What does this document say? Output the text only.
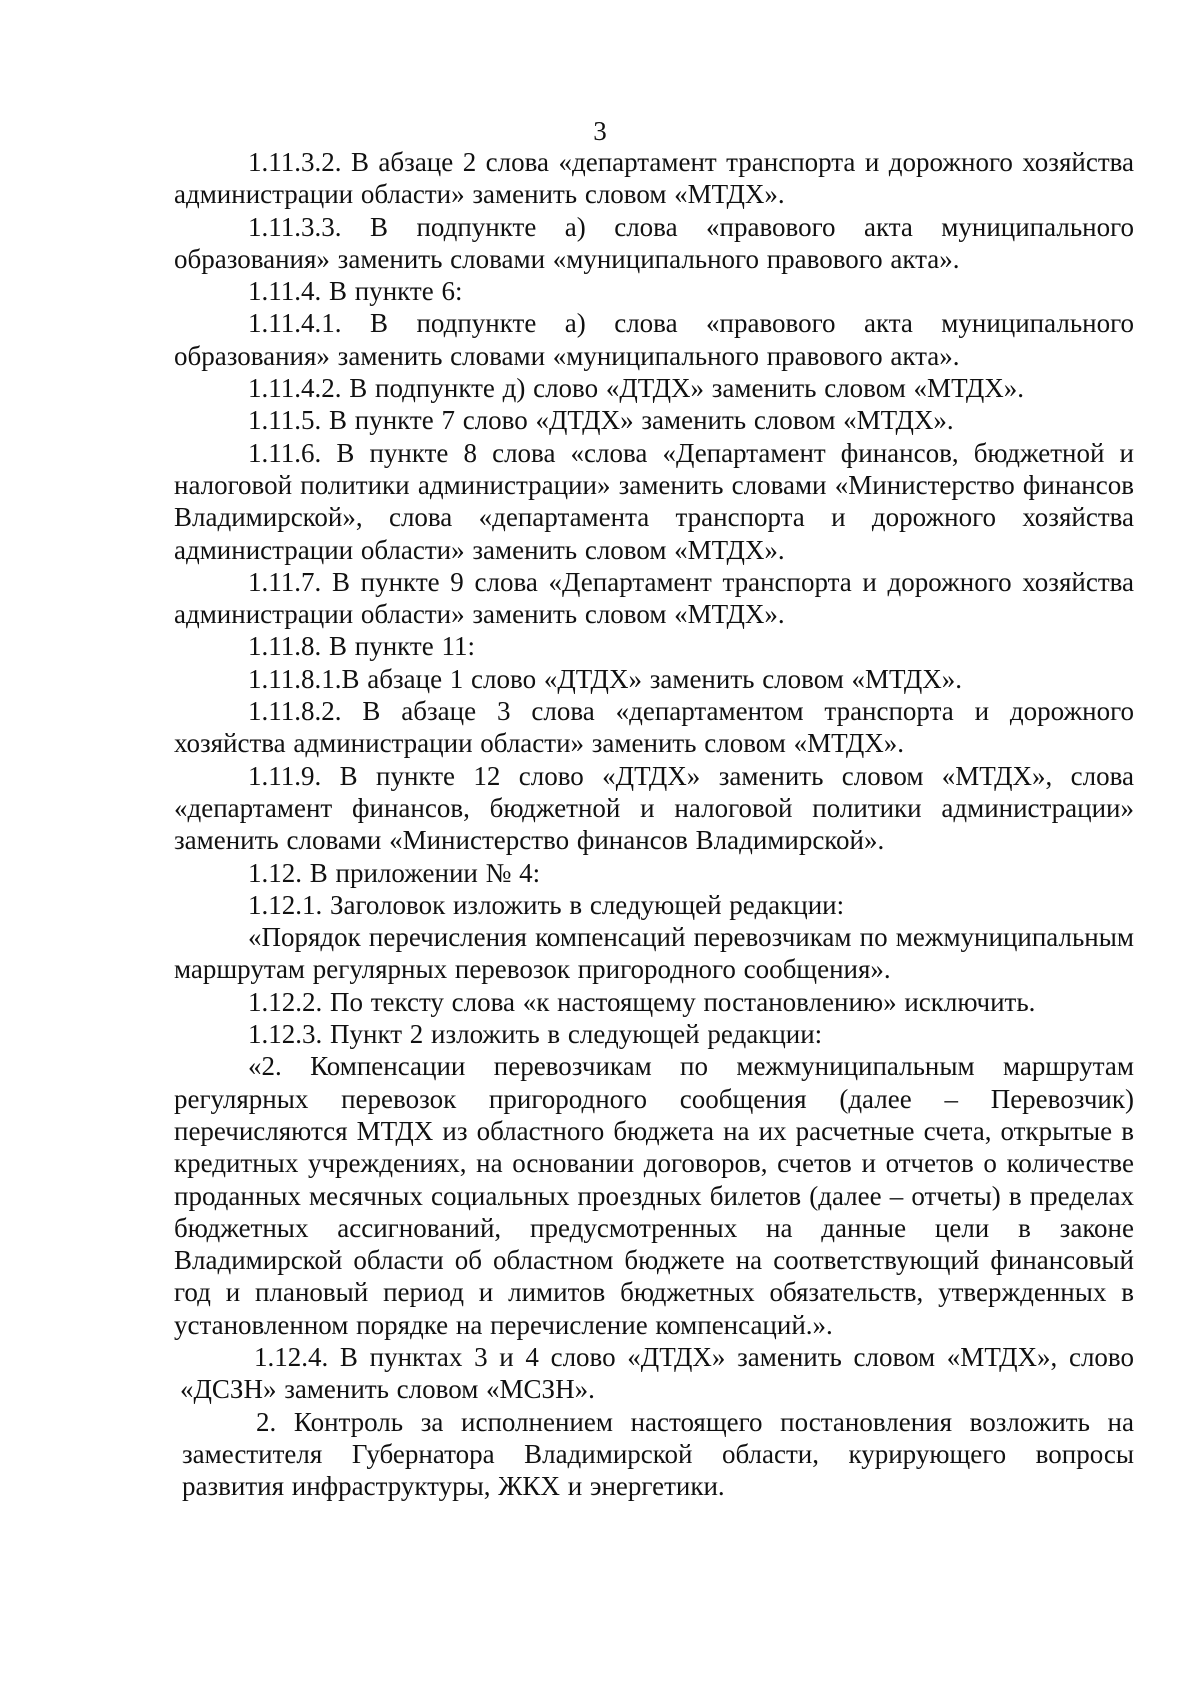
3

1.11.3.2. В абзаце 2 слова «департамент транспорта и дорожного хозяйства администрации области» заменить словом «МТДХ».

1.11.3.3. В подпункте а) слова «правового акта муниципального образования» заменить словами «муниципального правового акта».

1.11.4. В пункте 6:

1.11.4.1. В подпункте а) слова «правового акта муниципального образования» заменить словами «муниципального правового акта».

1.11.4.2. В подпункте д) слово «ДТДХ» заменить словом «МТДХ».

1.11.5. В пункте 7 слово «ДТДХ» заменить словом «МТДХ».

1.11.6. В пункте 8 слова «слова «Департамент финансов, бюджетной и налоговой политики администрации» заменить словами «Министерство финансов Владимирской», слова «департамента транспорта и дорожного хозяйства администрации области» заменить словом «МТДХ».

1.11.7. В пункте 9 слова «Департамент транспорта и дорожного хозяйства администрации области» заменить словом «МТДХ».

1.11.8. В пункте 11:

1.11.8.1.В абзаце 1 слово «ДТДХ» заменить словом «МТДХ».

1.11.8.2. В абзаце 3 слова «департаментом транспорта и дорожного хозяйства администрации области» заменить словом «МТДХ».

1.11.9. В пункте 12 слово «ДТДХ» заменить словом «МТДХ», слова «департамент финансов, бюджетной и налоговой политики администрации» заменить словами «Министерство финансов Владимирской».

1.12. В приложении № 4:

1.12.1. Заголовок изложить в следующей редакции:

«Порядок перечисления компенсаций перевозчикам по межмуниципальным маршрутам регулярных перевозок пригородного сообщения».

1.12.2. По тексту слова «к настоящему постановлению» исключить.

1.12.3. Пункт 2 изложить в следующей редакции:

«2. Компенсации перевозчикам по межмуниципальным маршрутам регулярных перевозок пригородного сообщения (далее – Перевозчик) перечисляются МТДХ из областного бюджета на их расчетные счета, открытые в кредитных учреждениях, на основании договоров, счетов и отчетов о количестве проданных месячных социальных проездных билетов (далее – отчеты) в пределах бюджетных ассигнований, предусмотренных на данные цели в законе Владимирской области об областном бюджете на соответствующий финансовый год и плановый период и лимитов бюджетных обязательств, утвержденных в установленном порядке на перечисление компенсаций.».

1.12.4. В пунктах 3 и 4 слово «ДТДХ» заменить словом «МТДХ», слово «ДСЗН» заменить словом «МСЗН».

2. Контроль за исполнением настоящего постановления возложить на заместителя Губернатора Владимирской области, курирующего вопросы развития инфраструктуры, ЖКХ и энергетики.
